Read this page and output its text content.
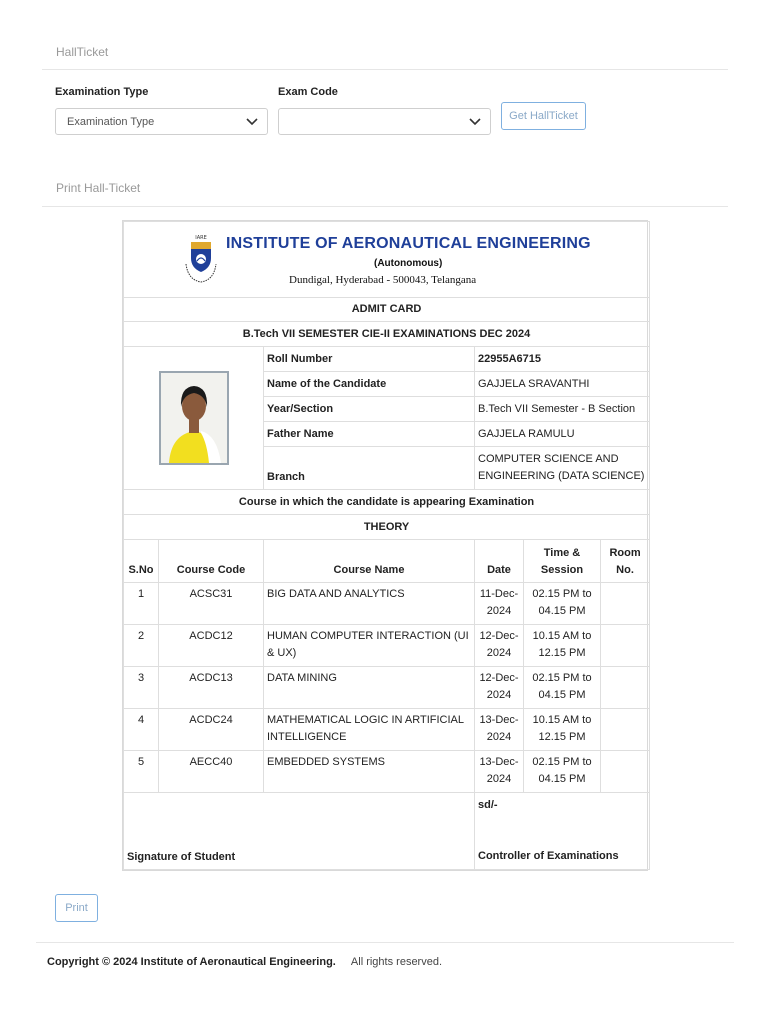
HallTicket
Examination Type
Examination Type
Exam Code
Get HallTicket
Print Hall-Ticket
IARE INSTITUTE OF AERONAUTICAL ENGINEERING
(Autonomous)
Dundigal, Hyderabad - 500043, Telangana					

ADMIT CARD					
B.Tech VII SEMESTER CIE-II EXAMINATIONS DEC 2024					

	Roll Number	22955A6715		
		Name of the Candidate	GAJJELA SRAVANTHI		
		Year/Section	B.Tech VII Semester - B Section		
		Father Name	GAJJELA RAMULU		
		Branch	COMPUTER SCIENCE AND ENGINEERING (DATA SCIENCE)		
Course in which the candidate is appearing Examination					
THEORY					
S.No	Course Code	Course Name	Date	Time & Session	Room No.
1	ACSC31	BIG DATA AND ANALYTICS	11-Dec-2024	02.15 PM to 04.15 PM	
2	ACDC12	HUMAN COMPUTER INTERACTION (UI & UX)	12-Dec-2024	10.15 AM to 12.15 PM	
3	ACDC13	DATA MINING	12-Dec-2024	02.15 PM to 04.15 PM	
4	ACDC24	MATHEMATICAL LOGIC IN ARTIFICIAL INTELLIGENCE	13-Dec-2024	10.15 AM to 12.15 PM	
5	AECC40	EMBEDDED SYSTEMS	13-Dec-2024	02.15 PM to 04.15 PM	
Signature of Student			sd/-
Controller of Examinations		
Print
Copyright © 2024 Institute of Aeronautical Engineering. All rights reserved.
